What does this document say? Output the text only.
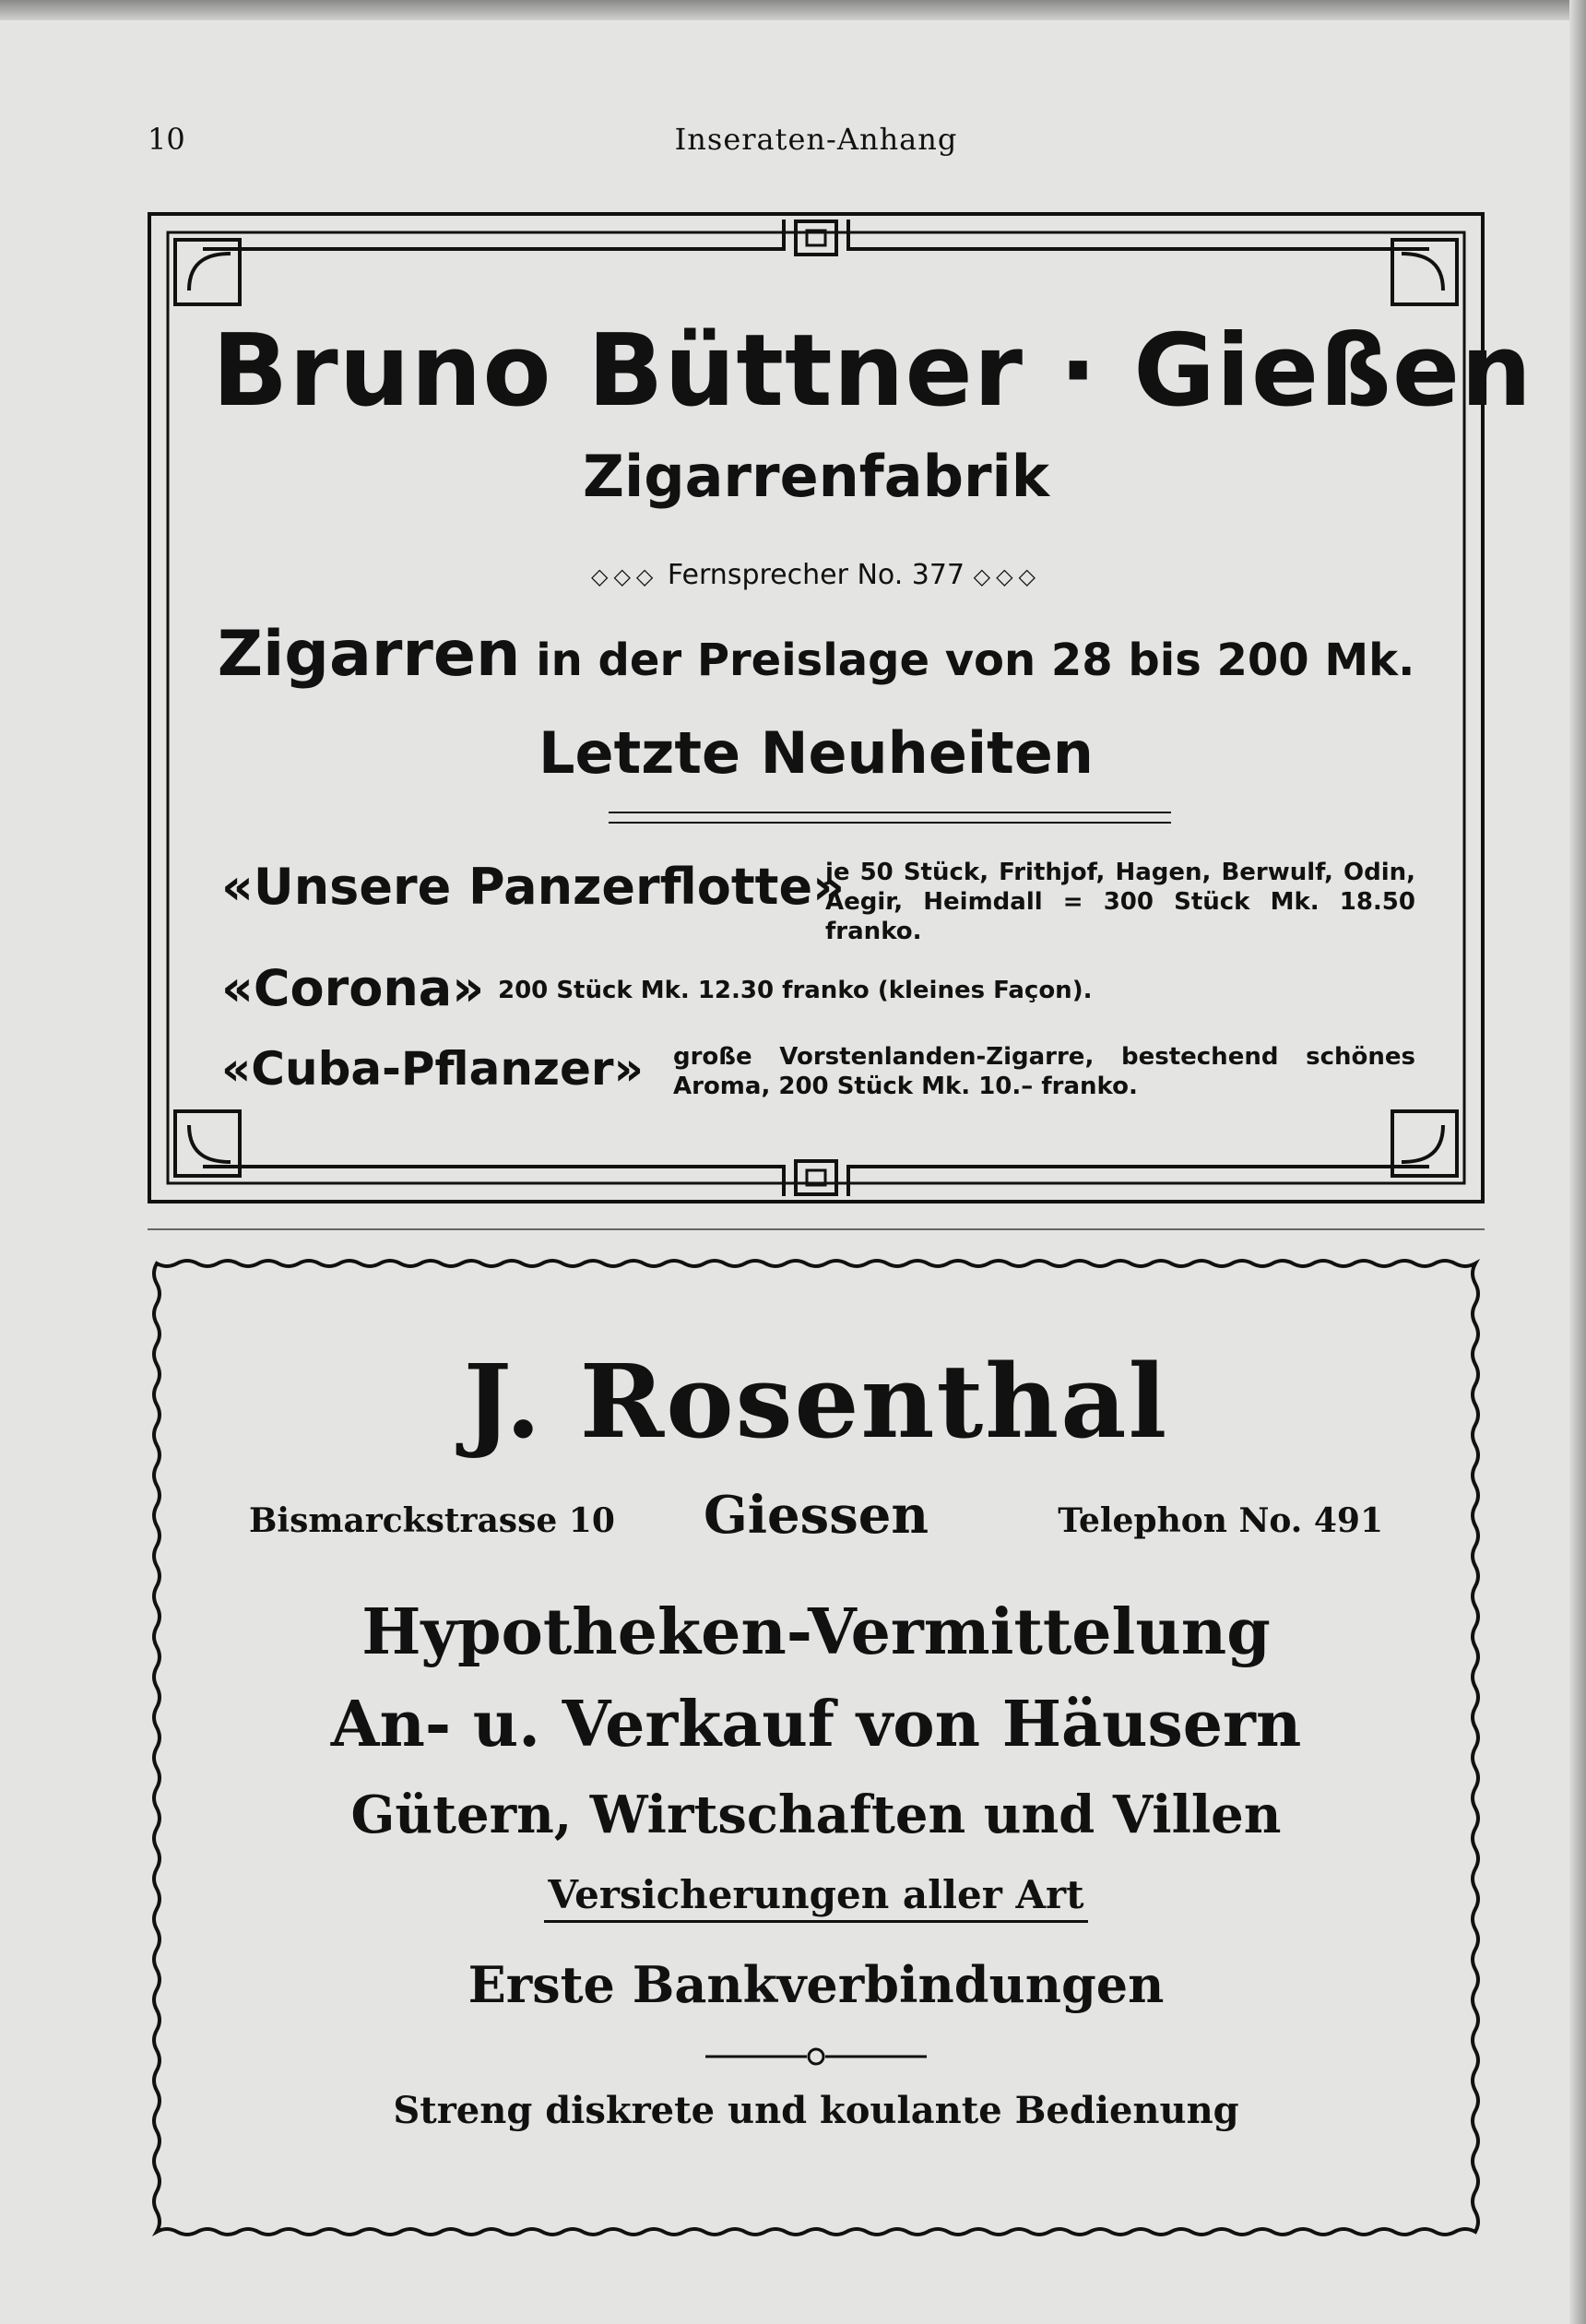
10	Inseraten-Anhang
Bruno Büttner · Gießen
Zigarrenfabrik
◇◇◇ Fernsprecher No. 377 ◇◇◇
Zigarren in der Preislage von 28 bis 200 Mk.
Letzte Neuheiten
«Unsere Panzerflotte»
je 50 Stück, Frithjof, Hagen, Berwulf, Odin, Aegir, Heimdall = 300 Stück Mk. 18.50 franko.
«Corona» 200 Stück Mk. 12.30 franko (kleines Façon).
«Cuba-Pflanzer» große Vorstenlanden-Zigarre, bestechend schönes Aroma, 200 Stück Mk. 10.– franko.
J. Rosenthal
Bismarckstrasse 10	Giessen	Telephon No. 491
Hypotheken-Vermittelung
An- u. Verkauf von Häusern
Gütern, Wirtschaften und Villen
Versicherungen aller Art
Erste Bankverbindungen
Streng diskrete und koulante Bedienung
